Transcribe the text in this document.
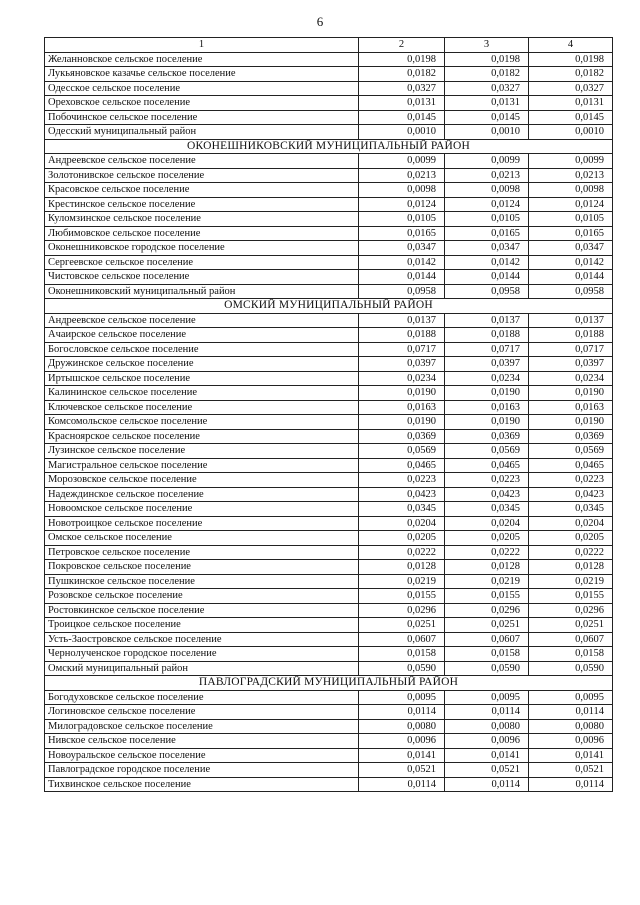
6
1	2	3	4
Желанновское сельское поселение	0,0198	0,0198	0,0198
Лукьяновское казачье сельское поселение	0,0182	0,0182	0,0182
Одесское сельское поселение	0,0327	0,0327	0,0327
Ореховское сельское поселение	0,0131	0,0131	0,0131
Побочинское сельское поселение	0,0145	0,0145	0,0145
Одесский муниципальный район	0,0010	0,0010	0,0010
ОКОНЕШНИКОВСКИЙ МУНИЦИПАЛЬНЫЙ РАЙОН			
Андреевское сельское поселение	0,0099	0,0099	0,0099
Золотонивское сельское поселение	0,0213	0,0213	0,0213
Красовское сельское поселение	0,0098	0,0098	0,0098
Крестинское сельское поселение	0,0124	0,0124	0,0124
Куломзинское сельское поселение	0,0105	0,0105	0,0105
Любимовское сельское поселение	0,0165	0,0165	0,0165
Оконешниковское городское поселение	0,0347	0,0347	0,0347
Сергеевское сельское поселение	0,0142	0,0142	0,0142
Чистовское сельское поселение	0,0144	0,0144	0,0144
Оконешниковский муниципальный район	0,0958	0,0958	0,0958
ОМСКИЙ МУНИЦИПАЛЬНЫЙ РАЙОН			
Андреевское сельское поселение	0,0137	0,0137	0,0137
Ачаирское сельское поселение	0,0188	0,0188	0,0188
Богословское сельское поселение	0,0717	0,0717	0,0717
Дружинское сельское поселение	0,0397	0,0397	0,0397
Иртышское сельское поселение	0,0234	0,0234	0,0234
Калининское сельское поселение	0,0190	0,0190	0,0190
Ключевское сельское поселение	0,0163	0,0163	0,0163
Комсомольское сельское поселение	0,0190	0,0190	0,0190
Красноярское сельское поселение	0,0369	0,0369	0,0369
Лузинское сельское поселение	0,0569	0,0569	0,0569
Магистральное сельское поселение	0,0465	0,0465	0,0465
Морозовское сельское поселение	0,0223	0,0223	0,0223
Надеждинское сельское поселение	0,0423	0,0423	0,0423
Новоомское сельское поселение	0,0345	0,0345	0,0345
Новотроицкое сельское поселение	0,0204	0,0204	0,0204
Омское сельское поселение	0,0205	0,0205	0,0205
Петровское сельское поселение	0,0222	0,0222	0,0222
Покровское сельское поселение	0,0128	0,0128	0,0128
Пушкинское сельское поселение	0,0219	0,0219	0,0219
Розовское сельское поселение	0,0155	0,0155	0,0155
Ростовкинское сельское поселение	0,0296	0,0296	0,0296
Троицкое сельское поселение	0,0251	0,0251	0,0251
Усть-Заостровское сельское поселение	0,0607	0,0607	0,0607
Чернолученское городское поселение	0,0158	0,0158	0,0158
Омский муниципальный район	0,0590	0,0590	0,0590
ПАВЛОГРАДСКИЙ МУНИЦИПАЛЬНЫЙ РАЙОН			
Богодуховское сельское поселение	0,0095	0,0095	0,0095
Логиновское сельское поселение	0,0114	0,0114	0,0114
Милоградовское сельское поселение	0,0080	0,0080	0,0080
Нивское сельское поселение	0,0096	0,0096	0,0096
Новоуральское сельское поселение	0,0141	0,0141	0,0141
Павлоградское городское поселение	0,0521	0,0521	0,0521
Тихвинское сельское поселение	0,0114	0,0114	0,0114
